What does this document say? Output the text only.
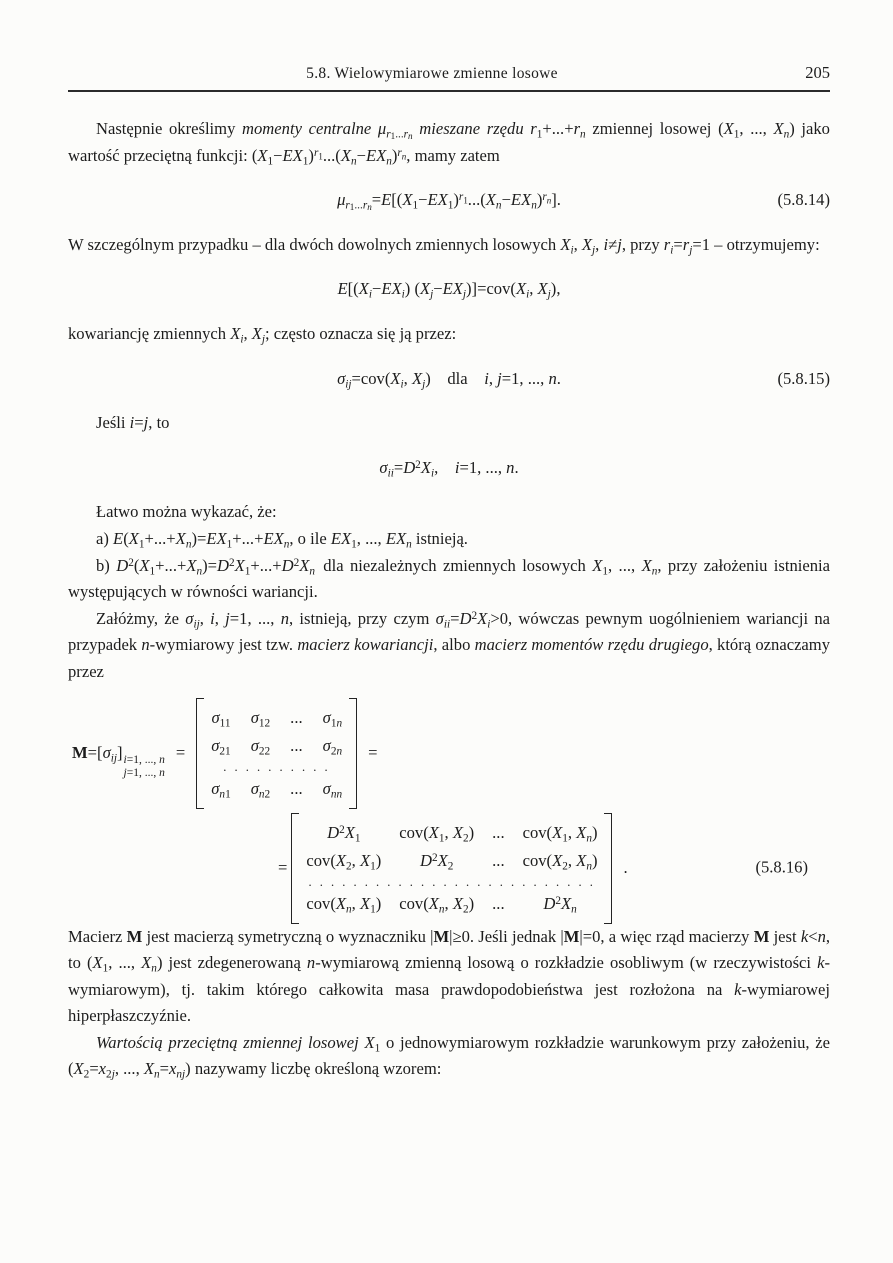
5.8. Wielowymiarowe zmienne losowe	205
Następnie określimy momenty centralne $\mu_{r1...rn}$ mieszane rzędu $r_1+...+r_n$ zmiennej losowej ($X_1$, ..., $X_n$) jako wartość przeciętną funkcji: $(X_1-EX_1)^r1...(X_n-EX_n)^rn$, mamy zatem
$\mu_{r1...rn}=E[(X_1-EX_1)^r1...(X_n-EX_n)^rn]$.	(5.8.14)
W szczególnym przypadku – dla dwóch dowolnych zmiennych losowych $X_i$, $X_j$, i≠j, przy $r_i=r_j=1$ – otrzymujemy:
$E[(X_i-EX_i)$ $(X_j-EX_j)]=cov(X_i$, $X_j$),
kowariancję zmiennych $X_i$, $X_j$; często oznacza się ją przez:
$\sigma_{ij}=cov(X_i$, $X_j$) dla i, j=1, ..., n.	(5.8.15)
Jeśli i=j, to
$\sigma_{ii}=D^2X_i$,  i=1, ..., n.
Łatwo można wykazać, że:
a) $E(X_1+...+X_n)=EX_1+...+EX_n$, o ile $EX_1$, ..., $EX_n$ istnieją.
b) $D^2(X_1+...+X_n)=D^2X_1+...+D^2X_n$ dla niezależnych zmiennych losowych $X_1$, ..., $X_n$, przy założeniu istnienia występujących w równości wariancji.
Załóżmy, że $\sigma_{ij}$, i, j=1, ..., n, istnieją, przy czym $\sigma_{ii}=D^2X_i>0$, wówczas pewnym uogólnieniem wariancji na przypadek n-wymiarowy jest tzw. macierz kowariancji, albo macierz momentów rzędu drugiego, którą oznaczamy przez
$M=[\sigma_{ij}]$ i=1, ..., n
j=1, ..., n
=
$\sigma_{11}$ $\sigma_{12}$ ... $\sigma_{1n}$
$\sigma_{21}$ $\sigma_{22}$ ... $\sigma_{2n}$
. . . . . . . . . .
$\sigma_{n1}$ $\sigma_{n2}$ ... $\sigma_{nn}$
=
=
$D^2X_1$	$cov(X_1$, $X_2$) ... $cov(X_1$, $X_n$)
$cov(X_2$, $X_1$)	$D^2X_2$	... $cov(X_2$, $X_n$)
. . . . . . . . . . . . . . . . . . . . . . . . . .
$cov(X_n$, $X_1$) $cov(X_n$, $X_2$) ...	$D^2X_n$
.	(5.8.16)
Macierz M jest macierzą symetryczną o wyznaczniku |M|≥0. Jeśli jednak |M|=0, a więc rząd macierzy M jest k<n, to ($X_1$, ..., $X_n$) jest zdegenerowaną n-wymiarową zmienną losową o rozkładzie osobliwym (w rzeczywistości k-wymiarowym), tj. takim którego całkowita masa prawdopodobieństwa jest rozłożona na k-wymiarowej hiperpłaszczyźnie.
Wartością przeciętną zmiennej losowej $X_1$ o jednowymiarowym rozkładzie warunkowym przy założeniu, że ($X_2=x_{2j}$, ..., $X_n=x_{nj}$) nazywamy liczbę określoną wzorem:
